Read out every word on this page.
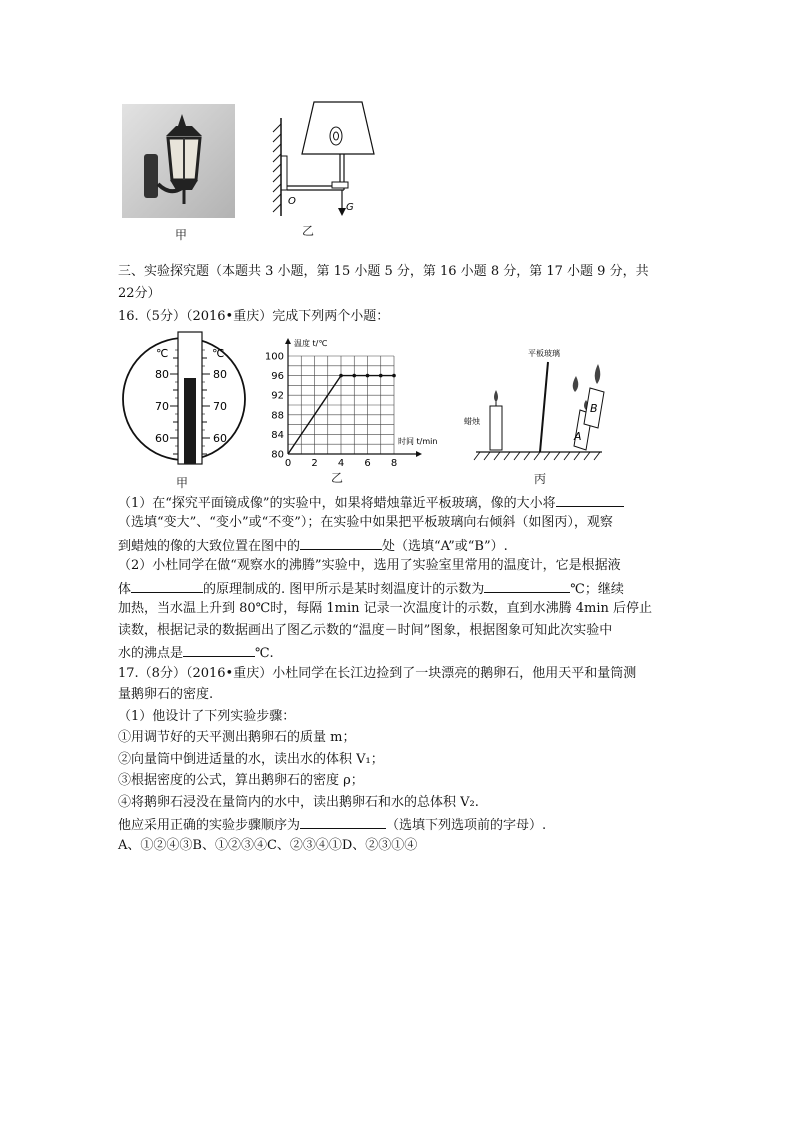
甲
G
O
乙
三、实验探究题（本题共 3 小题，第 15 小题 5 分，第 16 小题 8 分，第 17 小题 9 分，共
22分）
16.（5分）（2016•重庆）完成下列两个小题：
℃	℃
80
70
60
80
70
60
甲
80
84
88
92
96
100
0 2 4 6 8
温度 t/℃
时间 t/min
乙
平板玻璃
蜡烛
A
B
丙
（1）在“探究平面镜成像”的实验中，如果将蜡烛靠近平板玻璃，像的大小将
（选填“变大”、“变小”或“不变”）；在实验中如果把平板玻璃向右倾斜（如图丙），观察
到蜡烛的像的大致位置在图中的	处（选填“A”或“B”）.
（2）小杜同学在做“观察水的沸腾”实验中，选用了实验室里常用的温度计，它是根据液
体	的原理制成的. 图甲所示是某时刻温度计的示数为	℃；继续
加热，当水温上升到 80℃时，每隔 1min 记录一次温度计的示数，直到水沸腾 4min 后停止
读数，根据记录的数据画出了图乙示数的“温度－时间”图象，根据图象可知此次实验中
水的沸点是	℃.
17.（8分）（2016•重庆）小杜同学在长江边捡到了一块漂亮的鹅卵石，他用天平和量筒测
量鹅卵石的密度.
（1）他设计了下列实验步骤：
①用调节好的天平测出鹅卵石的质量 m；
②向量筒中倒进适量的水，读出水的体积 V₁；
③根据密度的公式，算出鹅卵石的密度 ρ；
④将鹅卵石浸没在量筒内的水中，读出鹅卵石和水的总体积 V₂.
他应采用正确的实验步骤顺序为	（选填下列选项前的字母）.
A、①②④③B、①②③④C、②③④①D、②③①④
